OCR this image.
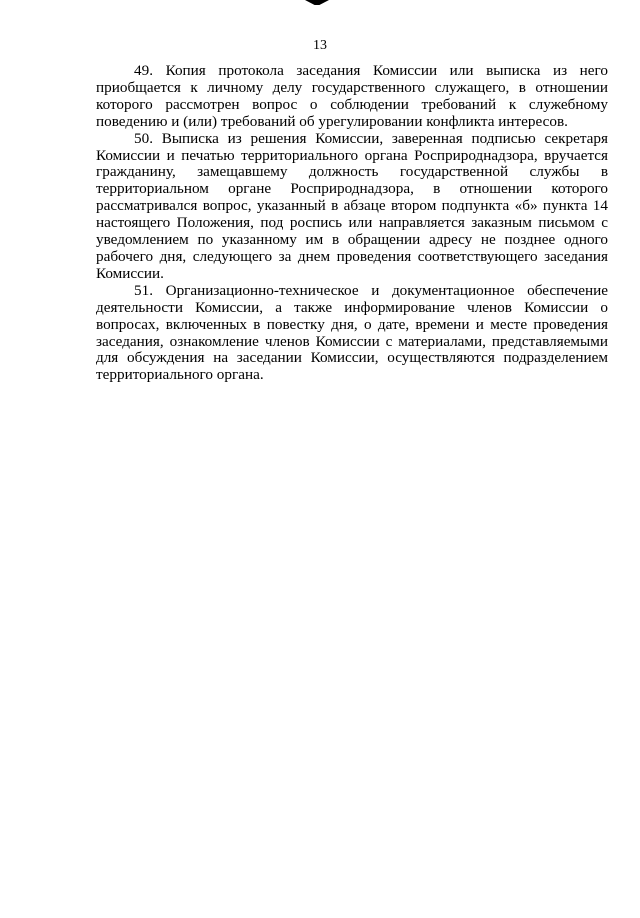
13

49. Копия протокола заседания Комиссии или выписка из него приобщается к личному делу государственного служащего, в отношении которого рассмотрен вопрос о соблюдении требований к служебному поведению и (или) требований об урегулировании конфликта интересов.

50. Выписка из решения Комиссии, заверенная подписью секретаря Комиссии и печатью территориального органа Росприроднадзора, вручается гражданину, замещавшему должность государственной службы в территориальном органе Росприроднадзора, в отношении которого рассматривался вопрос, указанный в абзаце втором подпункта «б» пункта 14 настоящего Положения, под роспись или направляется заказным письмом с уведомлением по указанному им в обращении адресу не позднее одного рабочего дня, следующего за днем проведения соответствующего заседания Комиссии.

51. Организационно-техническое и документационное обеспечение деятельности Комиссии, а также информирование членов Комиссии о вопросах, включенных в повестку дня, о дате, времени и месте проведения заседания, ознакомление членов Комиссии с материалами, представляемыми для обсуждения на заседании Комиссии, осуществляются подразделением территориального органа.
